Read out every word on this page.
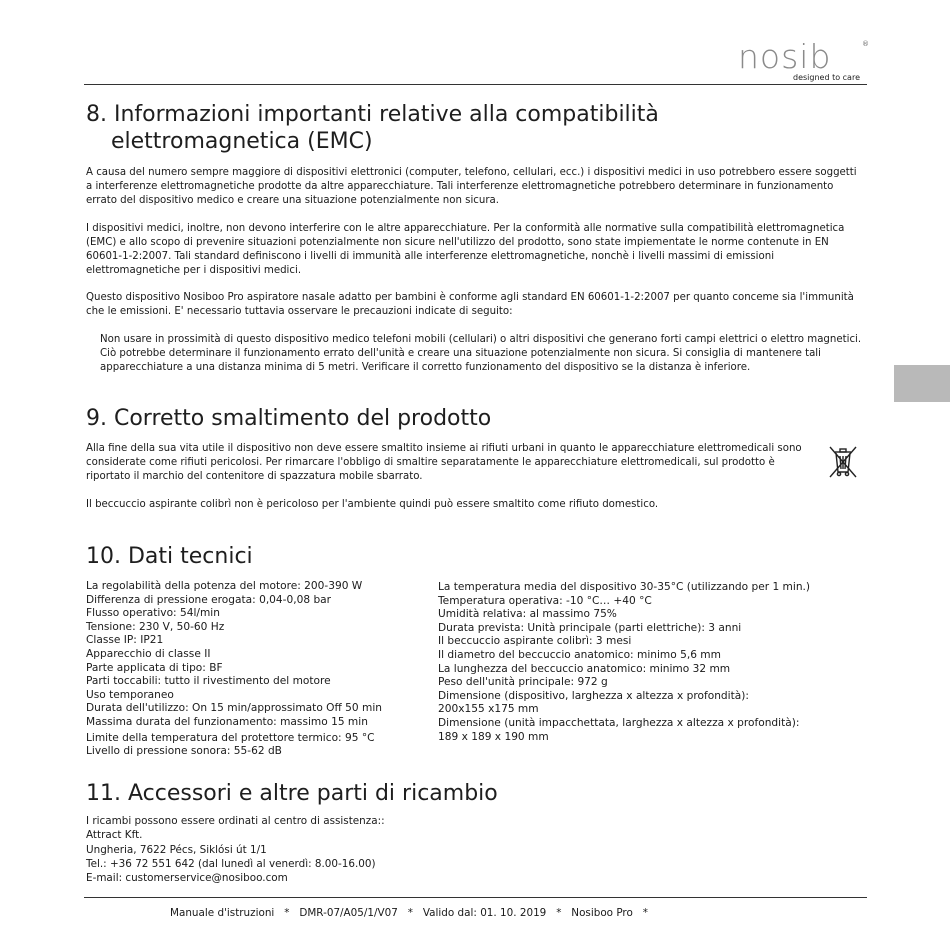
nosib	®
designed to care
8. Informazioni importanti relative alla compatibilità
elettromagnetica (EMC)

A causa del numero sempre maggiore di dispositivi elettronici (computer, telefono, cellulari, ecc.) i dispositivi medici in uso potrebbero essere soggetti a interferenze elettromagnetiche prodotte da altre apparecchiature. Tali interferenze elettromagnetiche potrebbero determinare in funzionamento errato del dispositivo medico e creare una situazione potenzialmente non sicura.

I dispositivi medici, inoltre, non devono interferire con le altre apparecchiature. Per la conformità alle normative sulla compatibilità elettromagnetica (EMC) e allo scopo di prevenire situazioni potenzialmente non sicure nell'utilizzo del prodotto, sono state impiementate le norme contenute in EN 60601-1-2:2007. Tali standard definiscono i livelli di immunità alle interferenze elettromagnetiche, nonchè i livelli massimi di emissioni elettromagnetiche per i dispositivi medici.

Questo dispositivo Nosiboo Pro aspiratore nasale adatto per bambini è conforme agli standard EN 60601-1-2:2007 per quanto conceme sia l'immunità che le emissioni. E' necessario tuttavia osservare le precauzioni indicate di seguito:

Non usare in prossimità di questo dispositivo medico telefoni mobili (cellulari) o altri dispositivi che generano forti campi elettrici o elettro magnetici. Ciò potrebbe determinare il funzionamento errato dell'unità e creare una situazione potenzialmente non sicura. Si consiglia di mantenere tali apparecchiature a una distanza minima di 5 metri. Verificare il corretto funzionamento del dispositivo se la distanza è inferiore.

9. Corretto smaltimento del prodotto

Alla fine della sua vita utile il dispositivo non deve essere smaltito insieme ai rifiuti urbani in quanto le apparecchiature elettromedicali sono considerate come rifiuti pericolosi. Per rimarcare l'obbligo di smaltire separatamente le apparecchiature elettromedicali, sul prodotto è riportato il marchio del contenitore di spazzatura mobile sbarrato.

Il beccuccio aspirante colibrì non è pericoloso per l'ambiente quindi può essere smaltito come rifiuto domestico.

10. Dati tecnici
La regolabilità della potenza del motore: 200-390 W
Differenza di pressione erogata: 0,04-0,08 bar
Flusso operativo: 54l/min
Tensione: 230 V, 50-60 Hz
Classe IP: IP21
Apparecchio di classe II
Parte applicata di tipo: BF
Parti toccabili: tutto il rivestimento del motore
Uso temporaneo
Durata dell'utilizzo: On 15 min/approssimato Off 50 min
Massima durata del funzionamento: massimo 15 min
Limite della temperatura del protettore termico: 95 °C
Livello di pressione sonora: 55-62 dB
La temperatura media del dispositivo 30-35°C (utilizzando per 1 min.)
Temperatura operativa: -10 °C… +40 °C
Umidità relativa: al massimo 75%
Durata prevista: Unità principale (parti elettriche): 3 anni
Il beccuccio aspirante colibrì: 3 mesi
Il diametro del beccuccio anatomico: minimo 5,6 mm
La lunghezza del beccuccio anatomico: minimo 32 mm
Peso dell'unità principale: 972 g
Dimensione (dispositivo, larghezza x altezza x profondità):
200x155 x175 mm
Dimensione (unità impacchettata, larghezza x altezza x profondità):
189 x 189 x 190 mm
11. Accessori e altre parti di ricambio
I ricambi possono essere ordinati al centro di assistenza::
Attract Kft.
Ungheria, 7622 Pécs, Siklósi út 1/1
Tel.: +36 72 551 642 (dal lunedì al venerdì: 8.00-16.00)
E-mail: customerservice@nosiboo.com
Manuale d'istruzioni   *   DMR-07/A05/1/V07   *   Valido dal: 01. 10. 2019   *   Nosiboo Pro   *
